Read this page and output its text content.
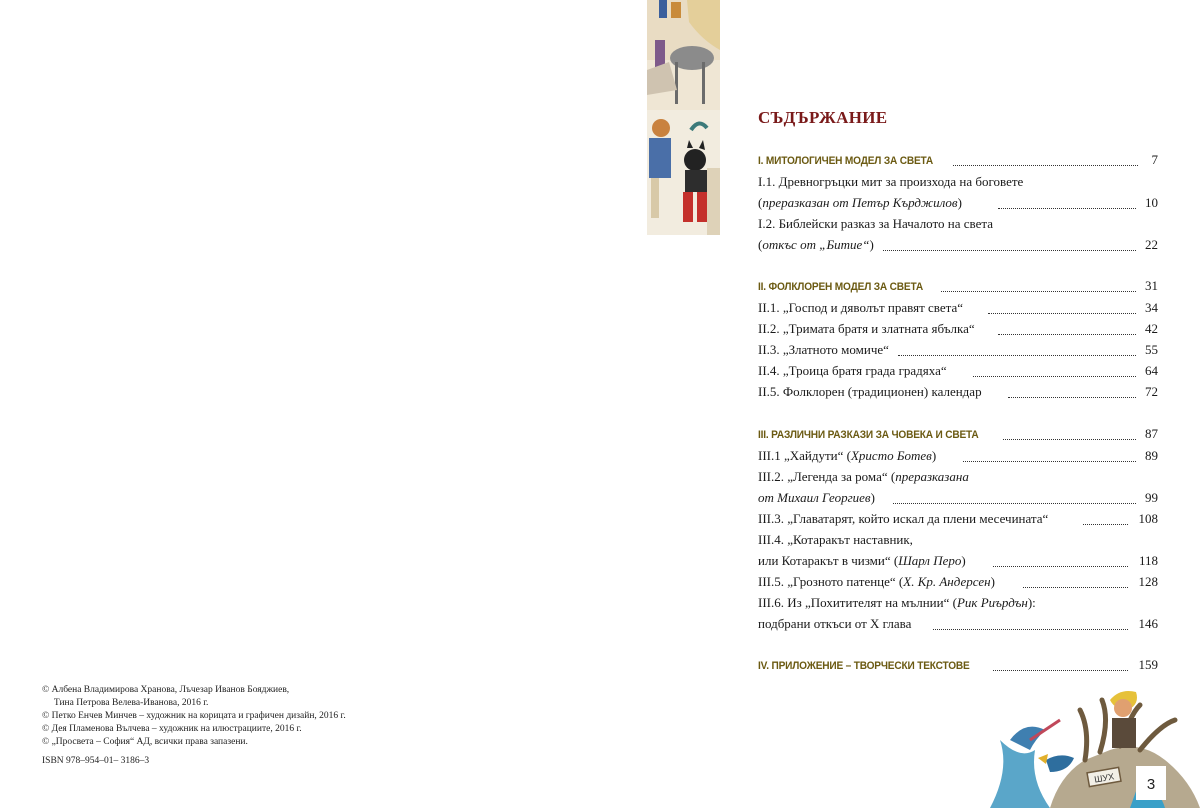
СЪДЪРЖАНИЕ
I. МИТОЛОГИЧЕН МОДЕЛ ЗА СВЕТА	7
I.1. Древногръцки мит за произхода на боговете
(преразказан от Петър Кърджилов)	10
I.2. Библейски разказ за Началото на света
(откъс от „Битие“)	22
II. ФОЛКЛОРЕН МОДЕЛ ЗА СВЕТА	31
II.1. „Господ и дяволът правят света“	34
II.2. „Тримата братя и златната ябълка“	42
II.3. „Златното момиче“	55
II.4. „Троица братя града градяха“	64
II.5. Фолклорен (традиционен) календар	72
III. РАЗЛИЧНИ РАЗКАЗИ ЗА ЧОВЕКА И СВЕТА	87
III.1 „Хайдути“ (Христо Ботев)	89
III.2. „Легенда за рома“ (преразказана
от Михаил Георгиев)	99
III.3. „Главатарят, който искал да плени месечината“	108
III.4. „Котаракът наставник,
или Котаракът в чизми“ (Шарл Перо)	118
III.5. „Грозното патенце“ (Х. Кр. Андерсен)	128
III.6. Из „Похитителят на мълнии“ (Рик Риърдън):
подбрани откъси от X глава	146
IV. ПРИЛОЖЕНИЕ – ТВОРЧЕСКИ ТЕКСТОВЕ	159
© Албена Владимирова Хранова, Лъчезар Иванов Бояджиев,
Тина Петрова Велева-Иванова, 2016 г.
© Петко Енчев Минчев – художник на корицата и графичен дизайн, 2016 г.
© Дея Пламенова Вълчева – художник на илюстрациите, 2016 г.
© „Просвета – София“ АД, всички права запазени.
ISBN 978–954–01– 3186–3
ШУХ	3
